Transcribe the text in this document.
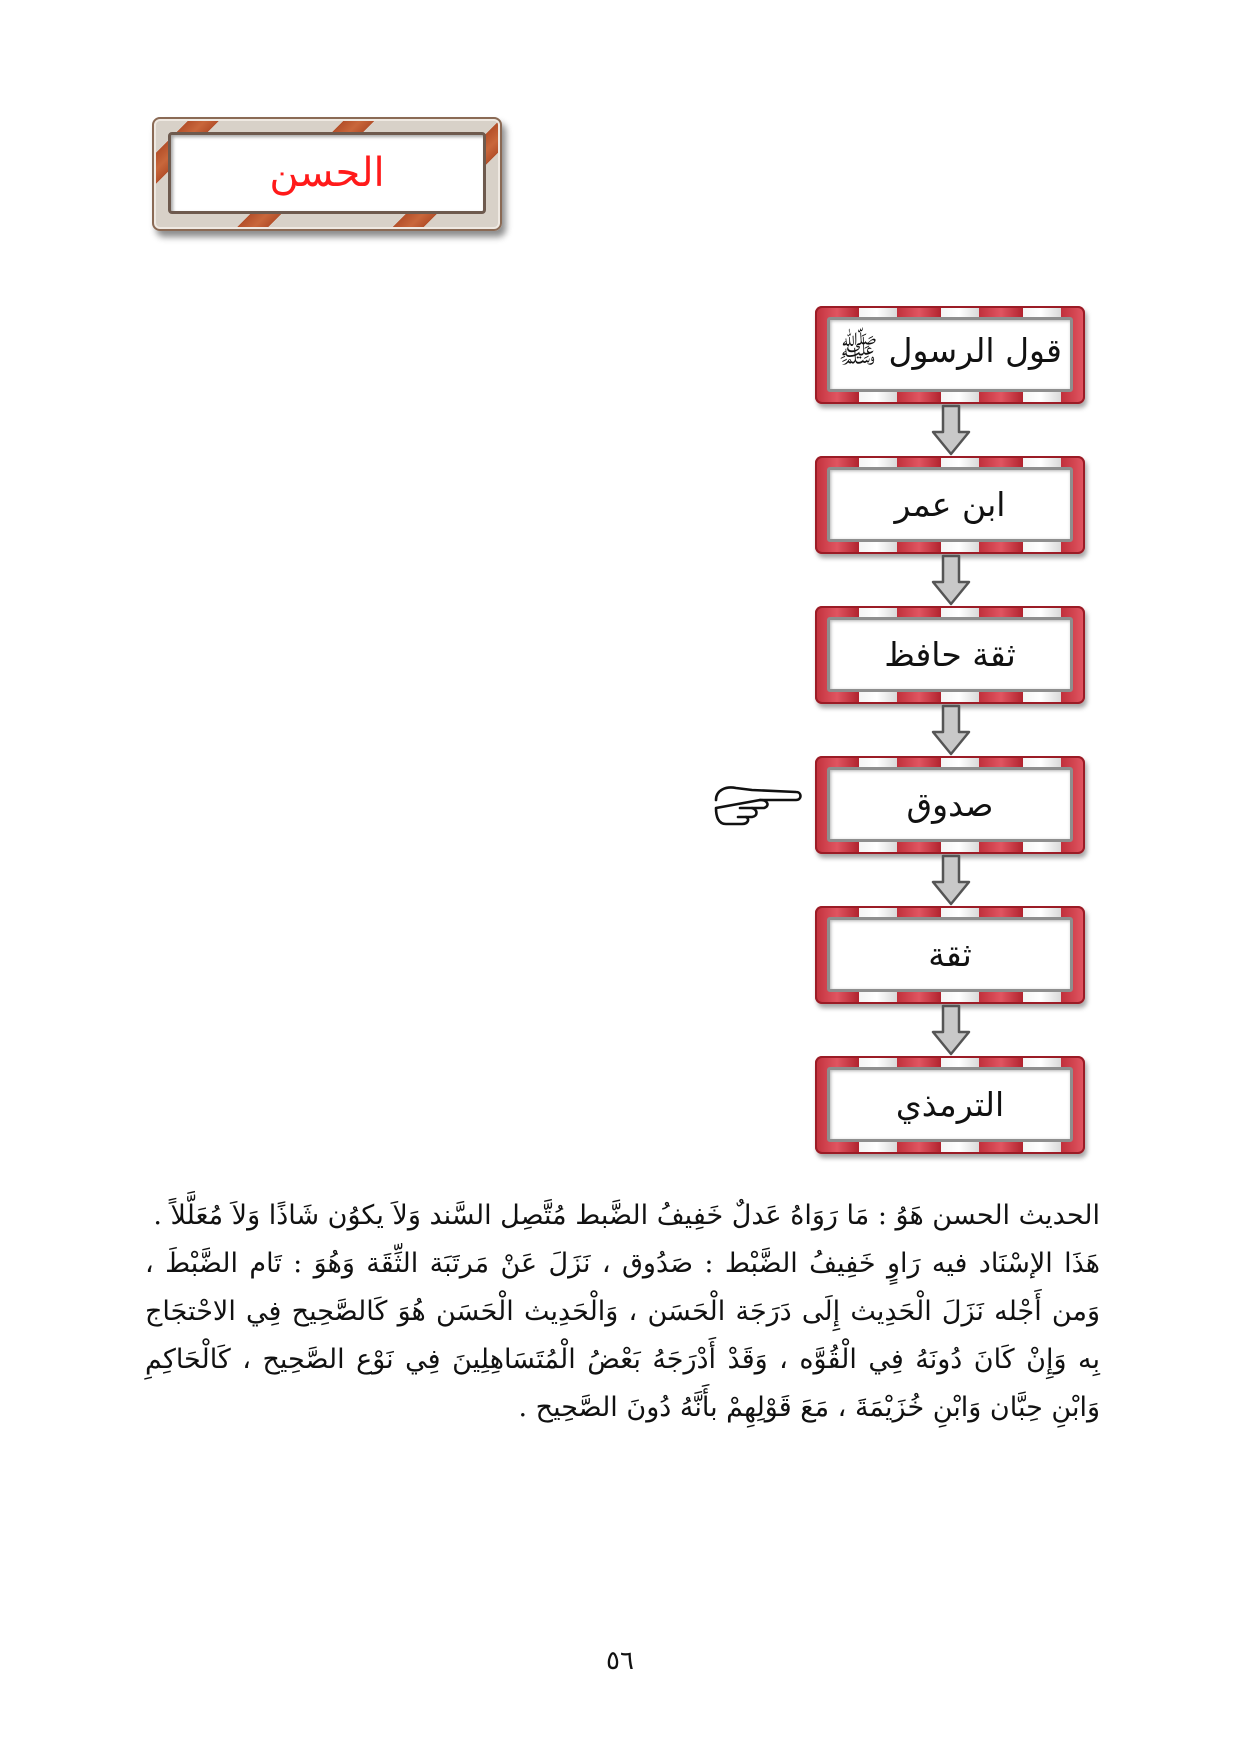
الحسن
قول الرسول ﷺ
ابن عمر
ثقة حافظ
صدوق
ثقة
الترمذي

الحديث الحسن هَوُ : مَا رَوَاهُ عَدلٌ خَفِيفُ الضَّبط مُتَّصِل السَّند وَلاَ يكوُن شَاذًا وَلاَ مُعَلَّلاً .

هَذَا الإسْنَاد فيه رَاوٍ خَفِيفُ الضَّبْط : صَدُوق ، نَزَلَ عَنْ مَرتَبَة الثِّقَة وَهُوَ : تَام الضَّبْطَ ، وَمن أَجْله نَزَلَ الْحَدِيث إِلَى دَرَجَة الْحَسَن ، وَالْحَدِيث الْحَسَن هُوَ كَالصَّحِيح فِي الاحْتجَاج بِه وَإِنْ كَانَ دُونَهُ فِي الْقُوَّه ، وَقَدْ أَدْرَجَهُ بَعْضُ الْمُتَسَاهِلِينَ فِي نَوْع الصَّحِيح ، كَالْحَاكِمِ وَابْنِ حِبَّان وَابْنِ خُزَيْمَةَ ، مَعَ قَوْلِهِمْ بأَنَّهُ دُونَ الصَّحِيح .

٥٦
